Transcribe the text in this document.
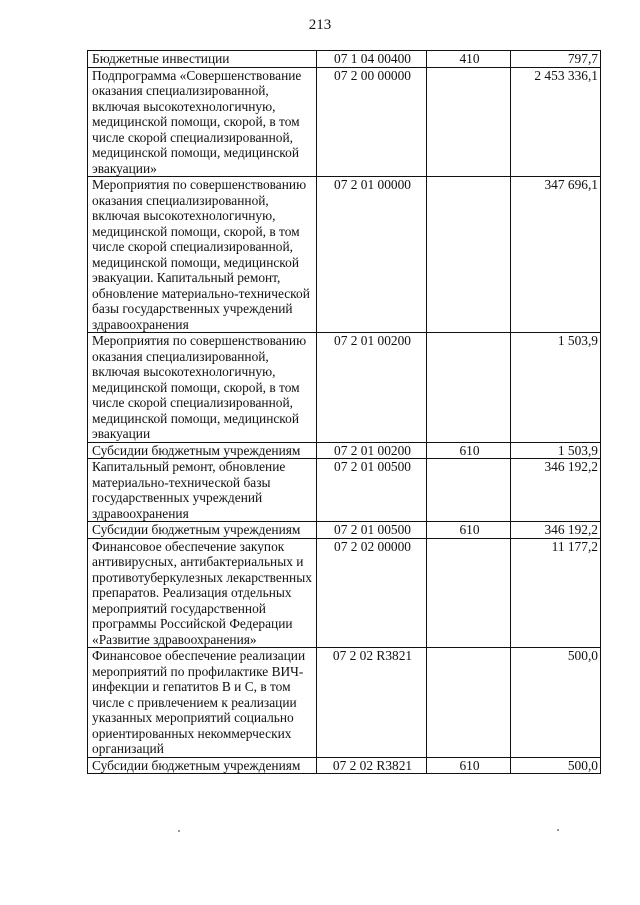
213
Бюджетные инвестиции	07 1 04 00400	410	797,7
Подпрограмма «Совершенствование оказания специализированной, включая высокотехнологичную, медицинской помощи, скорой, в том числе скорой специализированной, медицинской помощи, медицинской эвакуации»	07 2 00 00000		2 453 336,1
Мероприятия по совершенствованию оказания специализированной, включая высокотехнологичную, медицинской помощи, скорой, в том числе скорой специализированной, медицинской помощи, медицинской эвакуации. Капитальный ремонт, обновление материально-технической базы государственных учреждений здравоохранения	07 2 01 00000		347 696,1
Мероприятия по совершенствованию оказания специализированной, включая высокотехнологичную, медицинской помощи, скорой, в том числе скорой специализированной, медицинской помощи, медицинской эвакуации	07 2 01 00200		1 503,9
Субсидии бюджетным учреждениям	07 2 01 00200	610	1 503,9
Капитальный ремонт, обновление материально-технической базы государственных учреждений здравоохранения	07 2 01 00500		346 192,2
Субсидии бюджетным учреждениям	07 2 01 00500	610	346 192,2
Финансовое обеспечение закупок антивирусных, антибактериальных и противотуберкулезных лекарственных препаратов. Реализация отдельных мероприятий государственной программы Российской Федерации «Развитие здравоохранения»	07 2 02 00000		11 177,2
Финансовое обеспечение реализации мероприятий по профилактике ВИЧ-инфекции и гепатитов B и C, в том числе с привлечением к реализации указанных мероприятий социально ориентированных некоммерческих организаций	07 2 02 R3821		500,0
Субсидии бюджетным учреждениям	07 2 02 R3821	610	500,0
